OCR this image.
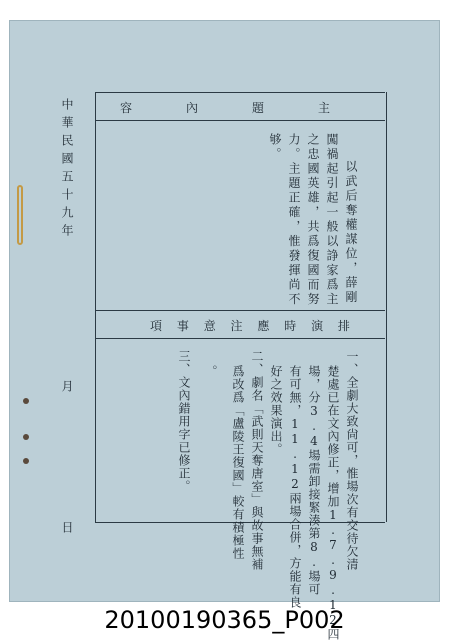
中華民國五十九年
月
日
主
題
內
容
排
演
時
應
注
意
事
項
以武后奪權謀位，薛剛
闖禍起引起一般以諍家爲主
之忠國英雄，共爲復國而努
力。主題正確，惟發揮尚不
够。
一、全劇大致尙可，惟場次有交待欠清
楚處已在文內修正，增加1.7.9.12四
場，分3.4場需卸接緊湊第8.場可
有可無，11.12兩場合併，方能有良
好之效果演出。
二、劇名「武則天奪唐室」與故事無補
爲改爲「盧陵王復國」較有積極性
。
三、文內錯用字已修正。
20100190365_P002
